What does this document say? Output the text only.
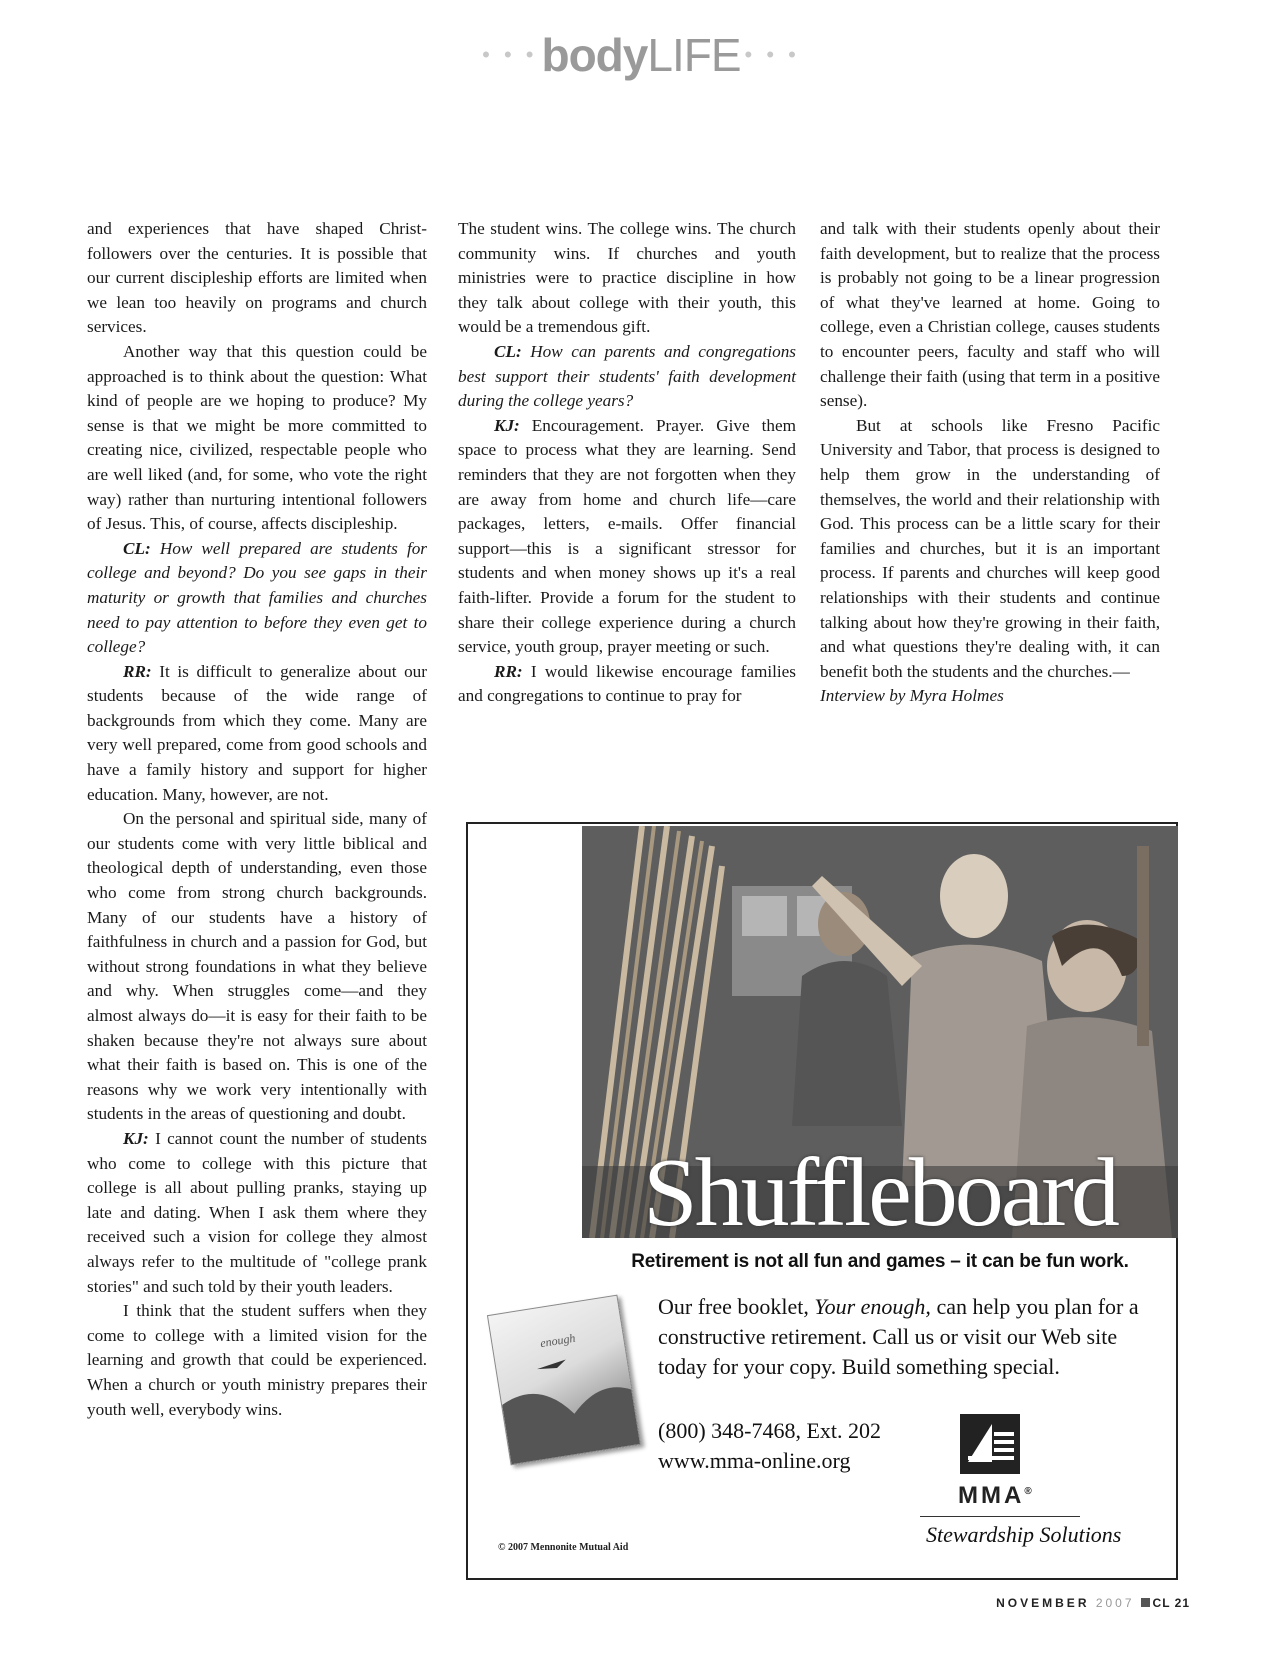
• • • bodyLIFE • • •

and experiences that have shaped Christ-followers over the centuries. It is possible that our current discipleship efforts are limited when we lean too heavily on programs and church services.

Another way that this question could be approached is to think about the question: What kind of people are we hoping to produce? My sense is that we might be more committed to creating nice, civilized, respectable people who are well liked (and, for some, who vote the right way) rather than nurturing intentional followers of Jesus. This, of course, affects discipleship.

CL: How well prepared are students for college and beyond? Do you see gaps in their maturity or growth that families and churches need to pay attention to before they even get to college?

RR: It is difficult to generalize about our students because of the wide range of backgrounds from which they come. Many are very well prepared, come from good schools and have a family history and support for higher education. Many, however, are not.

On the personal and spiritual side, many of our students come with very little biblical and theological depth of understanding, even those who come from strong church backgrounds. Many of our students have a history of faithfulness in church and a passion for God, but without strong foundations in what they believe and why. When struggles come—and they almost always do—it is easy for their faith to be shaken because they're not always sure about what their faith is based on. This is one of the reasons why we work very intentionally with students in the areas of questioning and doubt.

KJ: I cannot count the number of students who come to college with this picture that college is all about pulling pranks, staying up late and dating. When I ask them where they received such a vision for college they almost always refer to the multitude of "college prank stories" and such told by their youth leaders.

I think that the student suffers when they come to college with a limited vision for the learning and growth that could be experienced. When a church or youth ministry prepares their youth well, everybody wins.

The student wins. The college wins. The church community wins. If churches and youth ministries were to practice discipline in how they talk about college with their youth, this would be a tremendous gift.

CL: How can parents and congregations best support their students' faith development during the college years?

KJ: Encouragement. Prayer. Give them space to process what they are learning. Send reminders that they are not forgotten when they are away from home and church life—care packages, letters, e-mails. Offer financial support—this is a significant stressor for students and when money shows up it's a real faith-lifter. Provide a forum for the student to share their college experience during a church service, youth group, prayer meeting or such.

RR: I would likewise encourage families and congregations to continue to pray for

and talk with their students openly about their faith development, but to realize that the process is probably not going to be a linear progression of what they've learned at home. Going to college, even a Christian college, causes students to encounter peers, faculty and staff who will challenge their faith (using that term in a positive sense).

But at schools like Fresno Pacific University and Tabor, that process is designed to help them grow in the understanding of themselves, the world and their relationship with God. This process can be a little scary for their families and churches, but it is an important process. If parents and churches will keep good relationships with their students and continue talking about how they're growing in their faith, and what questions they're dealing with, it can benefit both the students and the churches.—

Interview by Myra Holmes

Shuffleboard
Retirement is not all fun and games – it can be fun work.
Our free booklet, Your enough, can help you plan for a constructive retirement. Call us or visit our Web site today for your copy. Build something special.
enough
(800) 348-7468, Ext. 202
www.mma-online.org
MMA®
Stewardship Solutions
© 2007 Mennonite Mutual Aid
NOVEMBER 2007 CL 21
